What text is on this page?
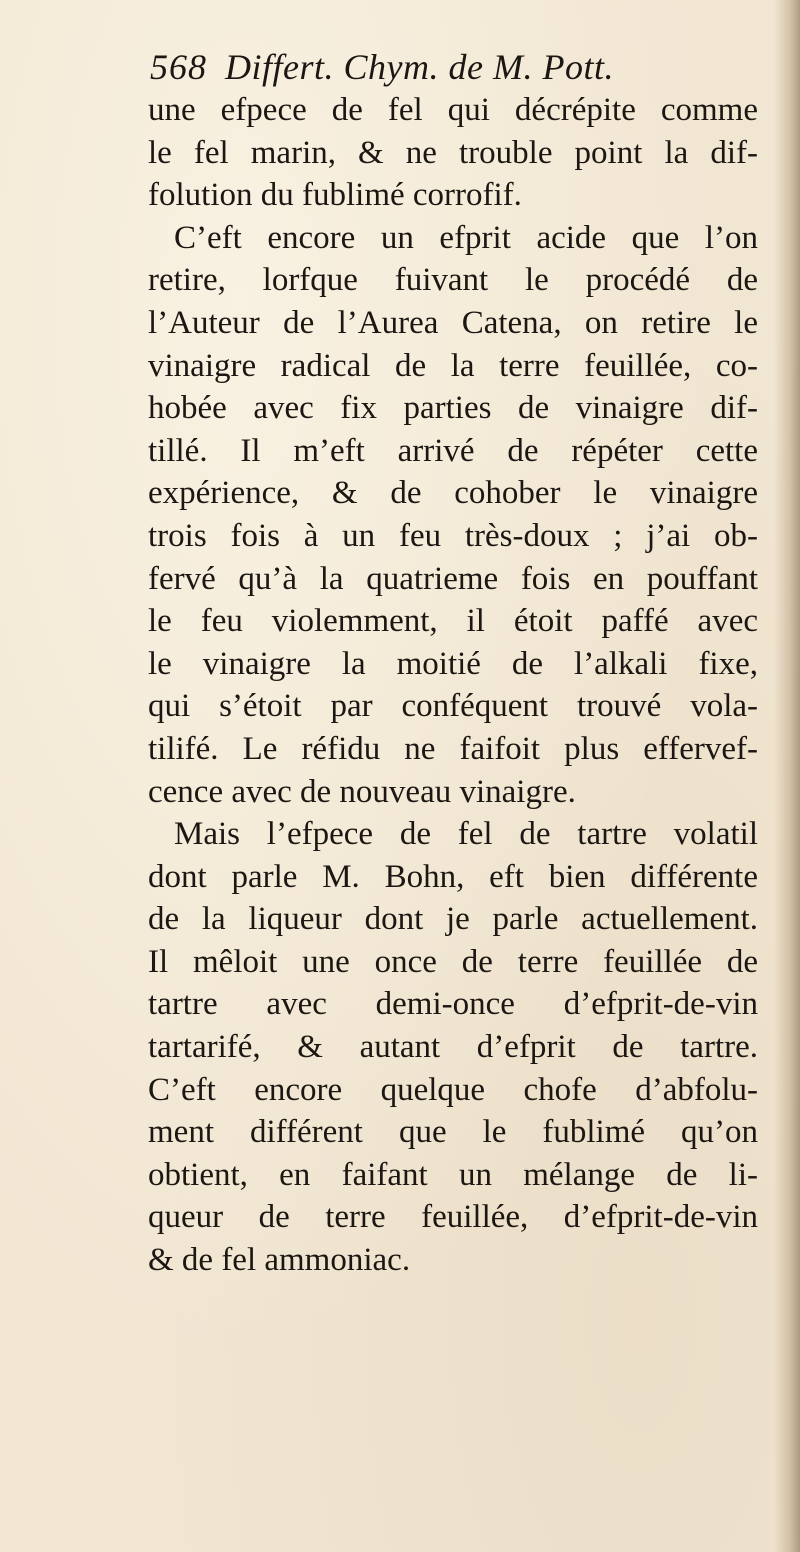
568 Differt. Chym. de M. Pott.
une efpece de fel qui décrépite comme
le fel marin, & ne trouble point la dif-
folution du fublimé corrofif.
C’eft encore un efprit acide que l’on
retire, lorfque fuivant le procédé de
l’Auteur de l’Aurea Catena, on retire le
vinaigre radical de la terre feuillée, co-
hobée avec fix parties de vinaigre dif-
tillé. Il m’eft arrivé de répéter cette
expérience, & de cohober le vinaigre
trois fois à un feu très-doux ; j’ai ob-
fervé qu’à la quatrieme fois en pouffant
le feu violemment, il étoit paffé avec
le vinaigre la moitié de l’alkali fixe,
qui s’étoit par conféquent trouvé vola-
tilifé. Le réfidu ne faifoit plus effervef-
cence avec de nouveau vinaigre.
Mais l’efpece de fel de tartre volatil
dont parle M. Bohn, eft bien différente
de la liqueur dont je parle actuellement.
Il mêloit une once de terre feuillée de
tartre avec demi-once d’efprit-de-vin
tartarifé, & autant d’efprit de tartre.
C’eft encore quelque chofe d’abfolu-
ment différent que le fublimé qu’on
obtient, en faifant un mélange de li-
queur de terre feuillée, d’efprit-de-vin
& de fel ammoniac.
